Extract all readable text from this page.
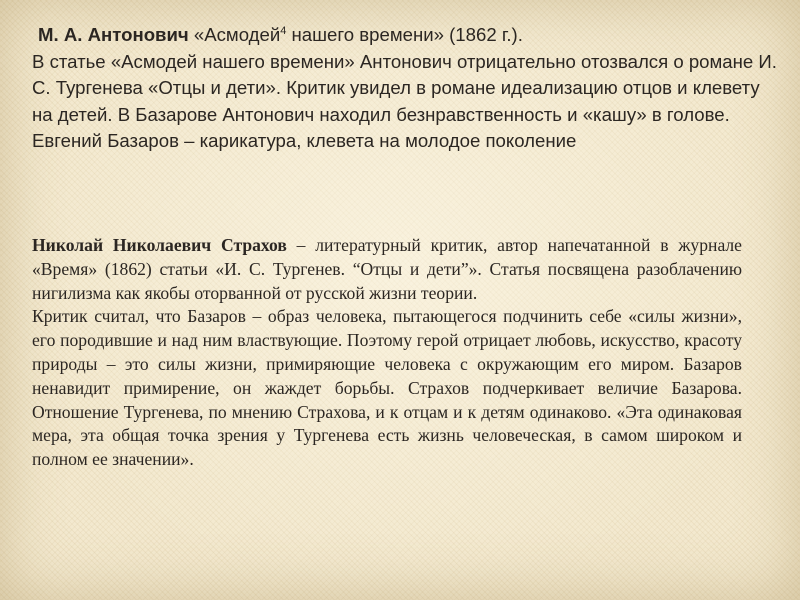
М. А. Антонович «Асмодей$^4$ нашего времени» (1862 г.).

В статье «Асмодей нашего времени» Антонович отрицательно отозвался о романе И. С. Тургенева «Отцы и дети». Критик увидел в романе идеализацию отцов и клевету на детей. В Базарове Антонович находил безнравственность и «кашу» в голове. Евгений Базаров – карикатура, клевета на молодое поколение

Николай Николаевич Страхов – литературный критик, автор напечатанной в журнале «Время» (1862) статьи «И. С. Тургенев. “Отцы и дети”». Статья посвящена разоблачению нигилизма как якобы оторванной от русской жизни теории.

Критик считал, что Базаров – образ человека, пытающегося подчинить себе «силы жизни», его породившие и над ним властвующие. Поэтому герой отрицает любовь, искусство, красоту природы – это силы жизни, примиряющие человека с окружающим его миром. Базаров ненавидит примирение, он жаждет борьбы. Страхов подчеркивает величие Базарова. Отношение Тургенева, по мнению Страхова, и к отцам и к детям одинаково. «Эта одинаковая мера, эта общая точка зрения у Тургенева есть жизнь человеческая, в самом широком и полном ее значении».
